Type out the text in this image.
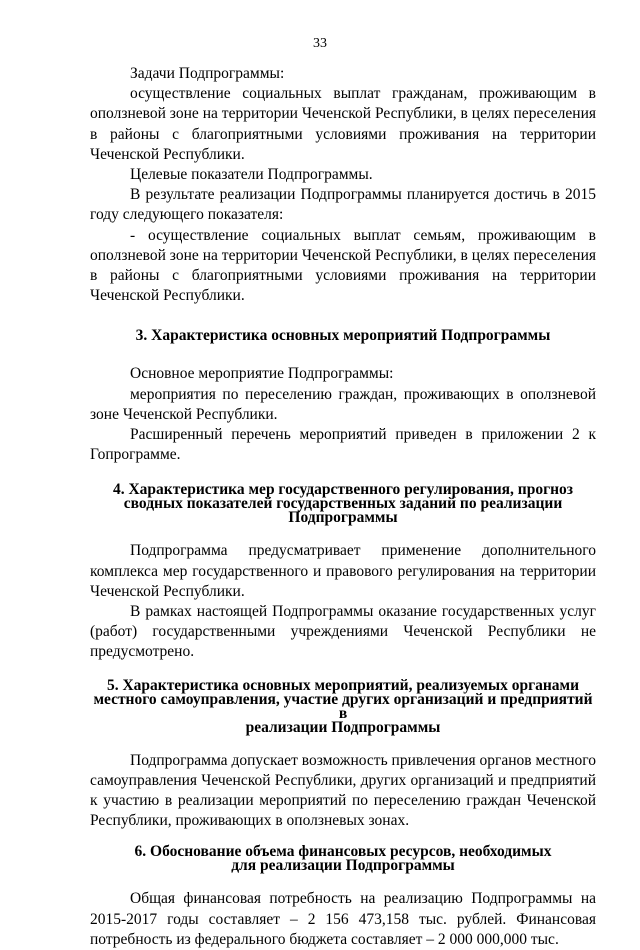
33

Задачи Подпрограммы:

осуществление социальных выплат гражданам, проживающим в оползневой зоне на территории Чеченской Республики, в целях переселения в районы с благоприятными условиями проживания на территории Чеченской Республики.

Целевые показатели Подпрограммы.

В результате реализации Подпрограммы планируется достичь в 2015 году следующего показателя:

- осуществление социальных выплат семьям, проживающим в оползневой зоне на территории Чеченской Республики, в целях переселения в районы с благоприятными условиями проживания на территории Чеченской Республики.

3. Характеристика основных мероприятий Подпрограммы

Основное мероприятие Подпрограммы:

мероприятия по переселению граждан, проживающих в оползневой зоне Чеченской Республики.

Расширенный перечень мероприятий приведен в приложении 2 к Гопрограмме.

4. Характеристика мер государственного регулирования, прогноз
сводных показателей государственных заданий по реализации
Подпрограммы

Подпрограмма предусматривает применение дополнительного комплекса мер государственного и правового регулирования на территории Чеченской Республики.

В рамках настоящей Подпрограммы оказание государственных услуг (работ) государственными учреждениями Чеченской Республики не предусмотрено.

5. Характеристика основных мероприятий, реализуемых органами
местного самоуправления, участие других организаций и предприятий в
реализации Подпрограммы

Подпрограмма допускает возможность привлечения органов местного самоуправления Чеченской Республики, других организаций и предприятий к участию в реализации мероприятий по переселению граждан Чеченской Республики, проживающих в оползневых зонах.

6. Обоснование объема финансовых ресурсов, необходимых
для реализации Подпрограммы

Общая финансовая потребность на реализацию Подпрограммы на 2015-2017 годы составляет – 2 156 473,158 тыс. рублей. Финансовая потребность из федерального бюджета составляет – 2 000 000,000 тыс.
